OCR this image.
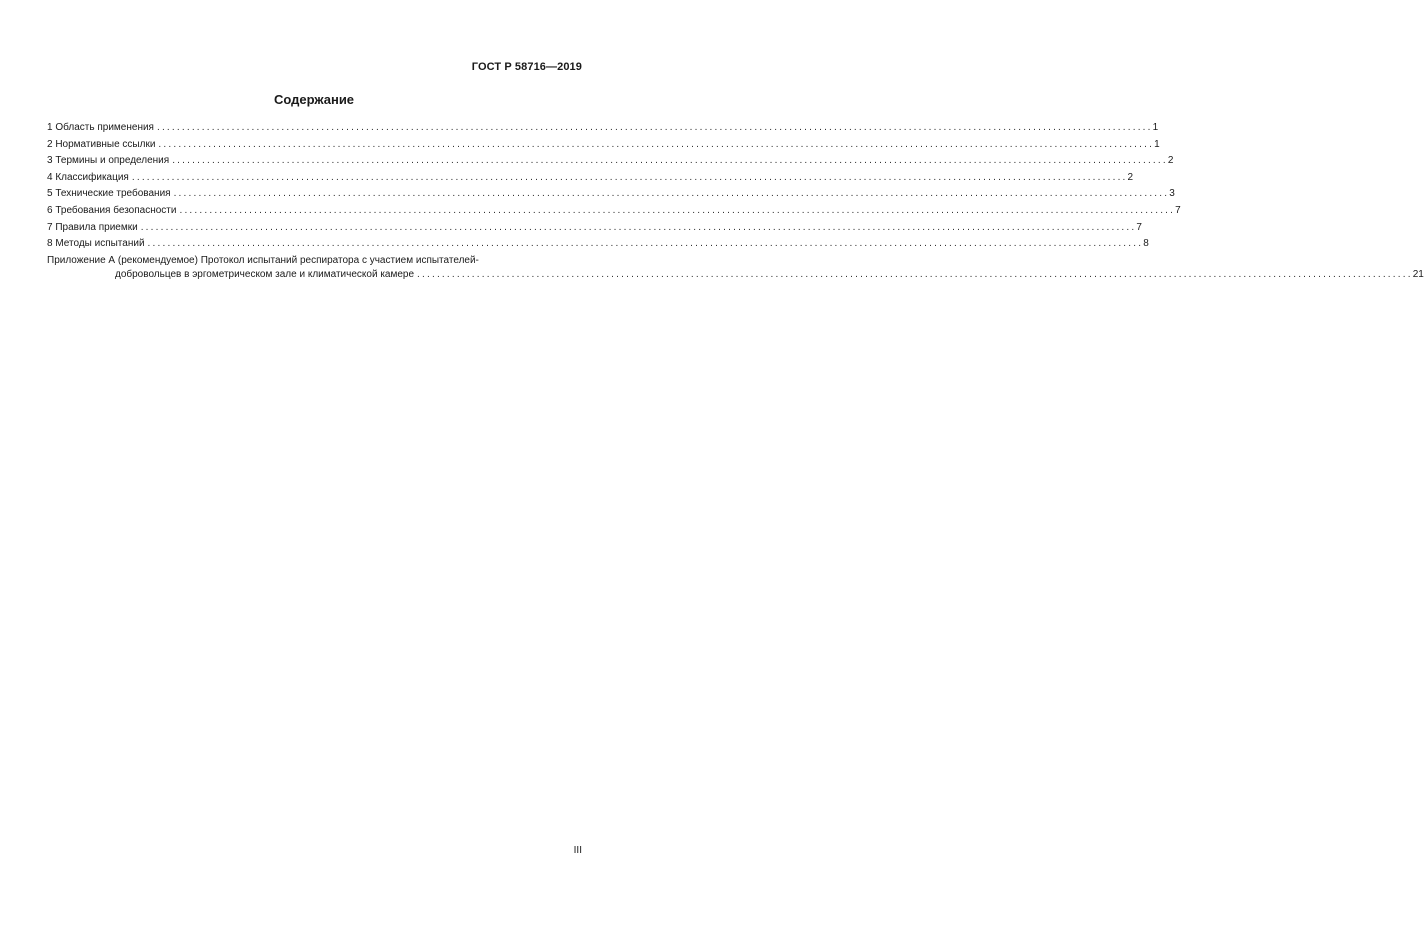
ГОСТ Р 58716—2019
Содержание
1 Область применения ........................................................................................................................................................................................................ 1
2 Нормативные ссылки ........................................................................................................................................................................................................ 1
3 Термины и определения ........................................................................................................................................................................................................ 2
4 Классификация ........................................................................................................................................................................................................ 2
5 Технические требования ........................................................................................................................................................................................................ 3
6 Требования безопасности ........................................................................................................................................................................................................ 7
7 Правила приемки ........................................................................................................................................................................................................ 7
8 Методы испытаний ........................................................................................................................................................................................................ 8
Приложение А (рекомендуемое) Протокол испытаний респиратора с участием испытателей-
добровольцев в эргометрическом зале и климатической камере ........................................................................................................................................................................................................ 21
III
